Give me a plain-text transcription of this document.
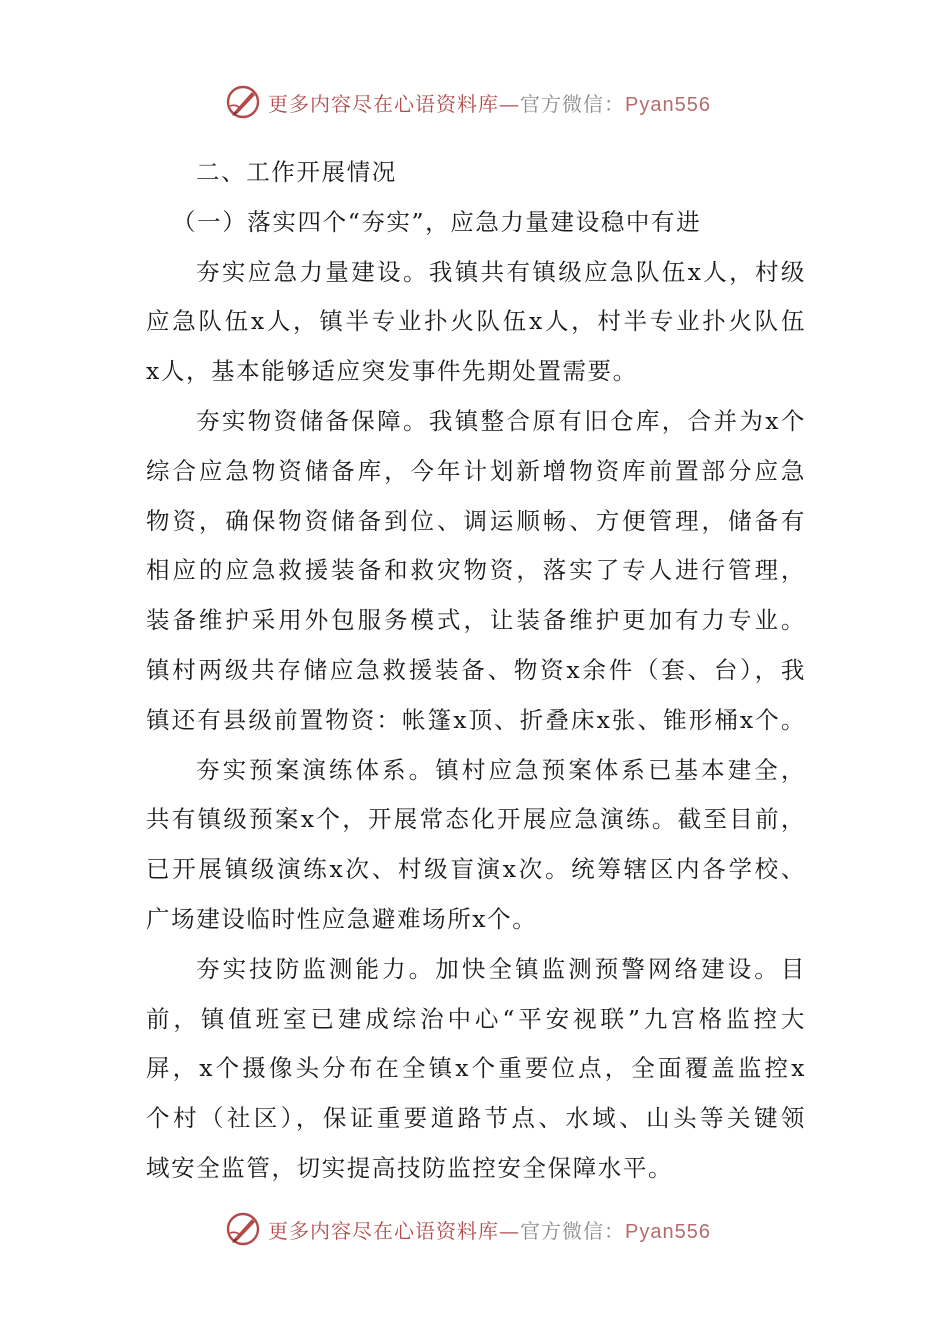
更多内容尽在心语资料库—官方微信：Pyan556
二、工作开展情况
（一）落实四个“夯实”，应急力量建设稳中有进
夯实应急力量建设。我镇共有镇级应急队伍x人，村级
应急队伍x人，镇半专业扑火队伍x人，村半专业扑火队伍
x人，基本能够适应突发事件先期处置需要。
夯实物资储备保障。我镇整合原有旧仓库，合并为x个
综合应急物资储备库，今年计划新增物资库前置部分应急
物资，确保物资储备到位、调运顺畅、方便管理，储备有
相应的应急救援装备和救灾物资，落实了专人进行管理，
装备维护采用外包服务模式，让装备维护更加有力专业。
镇村两级共存储应急救援装备、物资x余件（套、台），我
镇还有县级前置物资：帐篷x顶、折叠床x张、锥形桶x个。
夯实预案演练体系。镇村应急预案体系已基本建全，
共有镇级预案x个，开展常态化开展应急演练。截至目前，
已开展镇级演练x次、村级盲演x次。统筹辖区内各学校、
广场建设临时性应急避难场所x个。
夯实技防监测能力。加快全镇监测预警网络建设。目
前，镇值班室已建成综治中心“平安视联”九宫格监控大
屏，x个摄像头分布在全镇x个重要位点，全面覆盖监控x
个村（社区），保证重要道路节点、水域、山头等关键领
域安全监管，切实提高技防监控安全保障水平。
更多内容尽在心语资料库—官方微信：Pyan556
